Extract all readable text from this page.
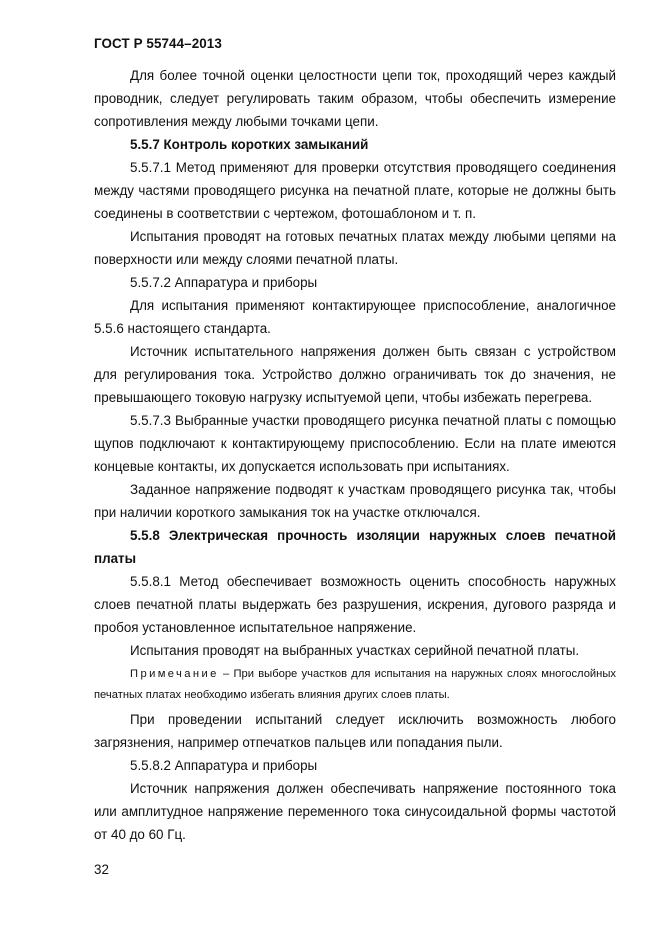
ГОСТ Р 55744–2013

Для более точной оценки целостности цепи ток, проходящий через каждый проводник, следует регулировать таким образом, чтобы обеспечить измерение сопротивления между любыми точками цепи.

5.5.7 Контроль коротких замыканий

5.5.7.1 Метод применяют для проверки отсутствия проводящего соединения между частями проводящего рисунка на печатной плате, которые не должны быть соединены в соответствии с чертежом, фотошаблоном и т. п.

Испытания проводят на готовых печатных платах между любыми цепями на поверхности или между слоями печатной платы.

5.5.7.2 Аппаратура и приборы

Для испытания применяют контактирующее приспособление, аналогичное 5.5.6 настоящего стандарта.

Источник испытательного напряжения должен быть связан с устройством для регулирования тока. Устройство должно ограничивать ток до значения, не превышающего токовую нагрузку испытуемой цепи, чтобы избежать перегрева.

5.5.7.3 Выбранные участки проводящего рисунка печатной платы с помощью щупов подключают к контактирующему приспособлению. Если на плате имеются концевые контакты, их допускается использовать при испытаниях.

Заданное напряжение подводят к участкам проводящего рисунка так, чтобы при наличии короткого замыкания ток на участке отключался.

5.5.8 Электрическая прочность изоляции наружных слоев печатной платы

5.5.8.1 Метод обеспечивает возможность оценить способность наружных слоев печатной платы выдержать без разрушения, искрения, дугового разряда и пробоя установленное испытательное напряжение.

Испытания проводят на выбранных участках серийной печатной платы.

Примечание – При выборе участков для испытания на наружных слоях многослойных печатных платах необходимо избегать влияния других слоев платы.

При проведении испытаний следует исключить возможность любого загрязнения, например отпечатков пальцев или попадания пыли.

5.5.8.2 Аппаратура и приборы

Источник напряжения должен обеспечивать напряжение постоянного тока или амплитудное напряжение переменного тока синусоидальной формы частотой от 40 до 60 Гц.

32
